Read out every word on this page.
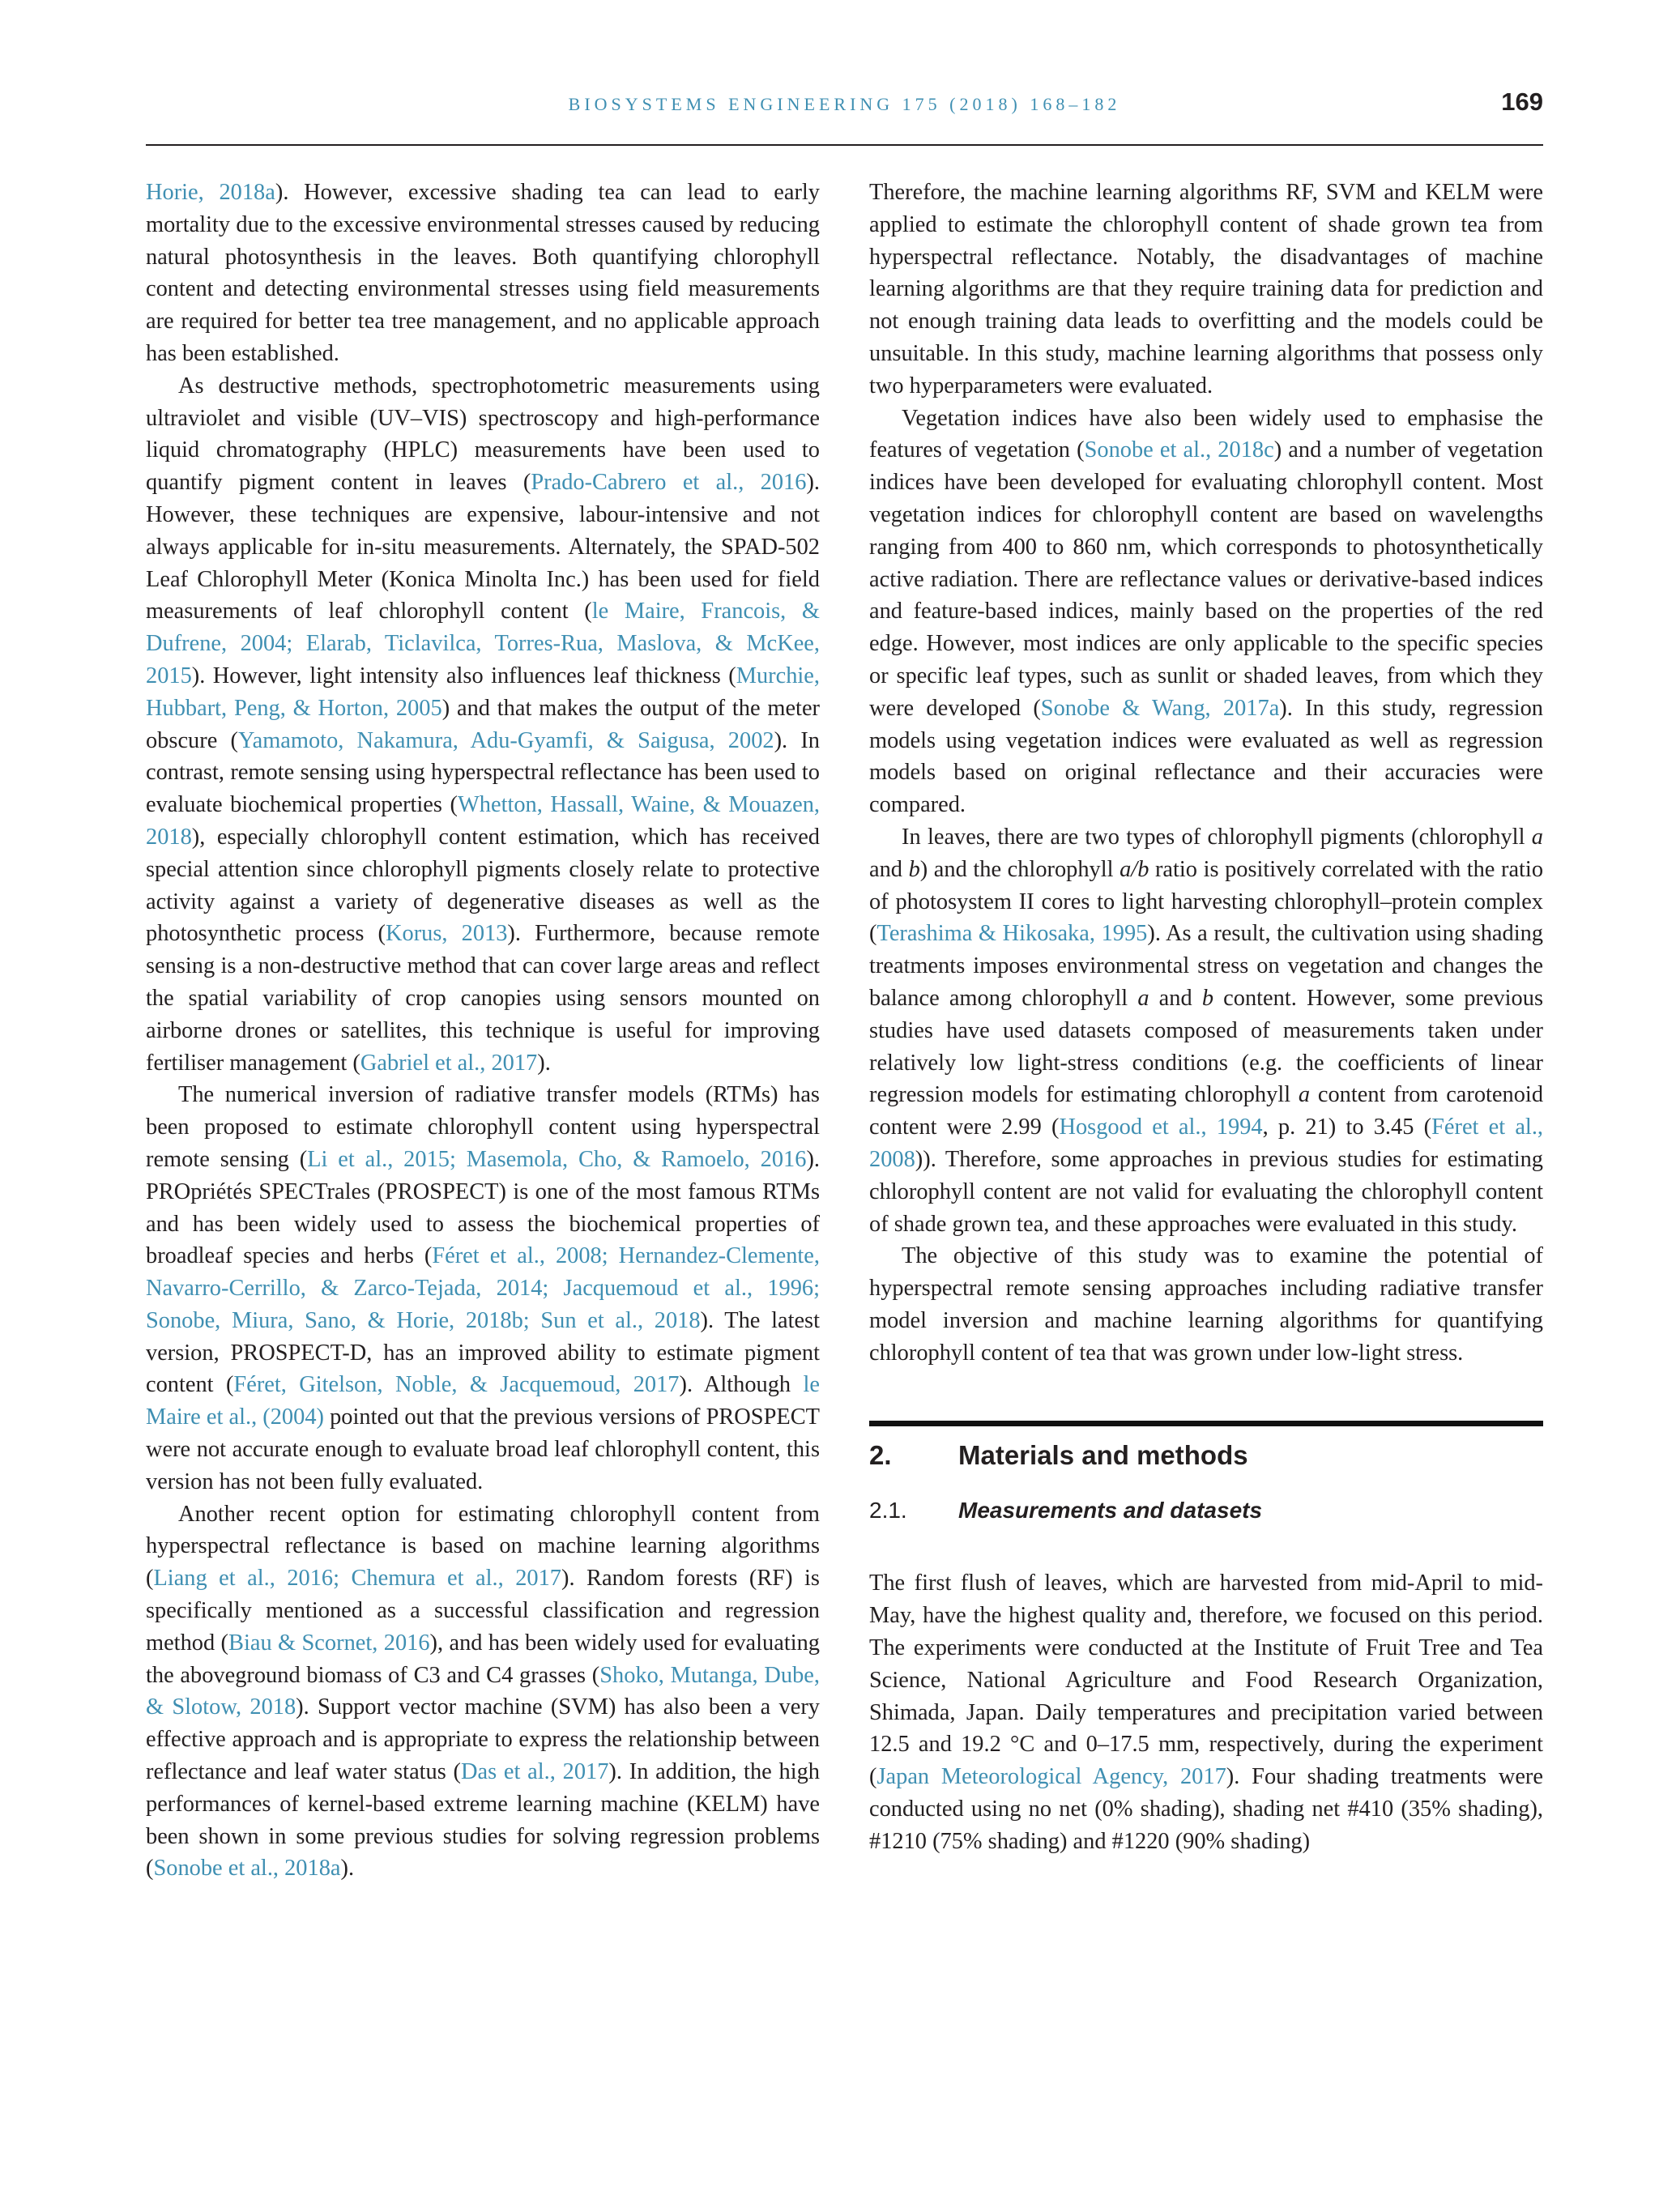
BIOSYSTEMS ENGINEERING 175 (2018) 168–182	169

Horie, 2018a). However, excessive shading tea can lead to early mortality due to the excessive environmental stresses caused by reducing natural photosynthesis in the leaves. Both quantifying chlorophyll content and detecting environmental stresses using field measurements are required for better tea tree management, and no applicable approach has been established.

As destructive methods, spectrophotometric measurements using ultraviolet and visible (UV–VIS) spectroscopy and high-performance liquid chromatography (HPLC) measurements have been used to quantify pigment content in leaves (Prado-Cabrero et al., 2016). However, these techniques are expensive, labour-intensive and not always applicable for in-situ measurements. Alternately, the SPAD-502 Leaf Chlorophyll Meter (Konica Minolta Inc.) has been used for field measurements of leaf chlorophyll content (le Maire, Francois, & Dufrene, 2004; Elarab, Ticlavilca, Torres-Rua, Maslova, & McKee, 2015). However, light intensity also influences leaf thickness (Murchie, Hubbart, Peng, & Horton, 2005) and that makes the output of the meter obscure (Yamamoto, Nakamura, Adu-Gyamfi, & Saigusa, 2002). In contrast, remote sensing using hyperspectral reflectance has been used to evaluate biochemical properties (Whetton, Hassall, Waine, & Mouazen, 2018), especially chlorophyll content estimation, which has received special attention since chlorophyll pigments closely relate to protective activity against a variety of degenerative diseases as well as the photosynthetic process (Korus, 2013). Furthermore, because remote sensing is a non-destructive method that can cover large areas and reflect the spatial variability of crop canopies using sensors mounted on airborne drones or satellites, this technique is useful for improving fertiliser management (Gabriel et al., 2017).

The numerical inversion of radiative transfer models (RTMs) has been proposed to estimate chlorophyll content using hyperspectral remote sensing (Li et al., 2015; Masemola, Cho, & Ramoelo, 2016). PROpriétés SPECTrales (PROSPECT) is one of the most famous RTMs and has been widely used to assess the biochemical properties of broadleaf species and herbs (Féret et al., 2008; Hernandez-Clemente, Navarro-Cerrillo, & Zarco-Tejada, 2014; Jacquemoud et al., 1996; Sonobe, Miura, Sano, & Horie, 2018b; Sun et al., 2018). The latest version, PROSPECT-D, has an improved ability to estimate pigment content (Féret, Gitelson, Noble, & Jacquemoud, 2017). Although le Maire et al., (2004) pointed out that the previous versions of PROSPECT were not accurate enough to evaluate broad leaf chlorophyll content, this version has not been fully evaluated.

Another recent option for estimating chlorophyll content from hyperspectral reflectance is based on machine learning algorithms (Liang et al., 2016; Chemura et al., 2017). Random forests (RF) is specifically mentioned as a successful classification and regression method (Biau & Scornet, 2016), and has been widely used for evaluating the aboveground biomass of C3 and C4 grasses (Shoko, Mutanga, Dube, & Slotow, 2018). Support vector machine (SVM) has also been a very effective approach and is appropriate to express the relationship between reflectance and leaf water status (Das et al., 2017). In addition, the high performances of kernel-based extreme learning machine (KELM) have been shown in some previous studies for solving regression problems (Sonobe et al., 2018a).

Therefore, the machine learning algorithms RF, SVM and KELM were applied to estimate the chlorophyll content of shade grown tea from hyperspectral reflectance. Notably, the disadvantages of machine learning algorithms are that they require training data for prediction and not enough training data leads to overfitting and the models could be unsuitable. In this study, machine learning algorithms that possess only two hyperparameters were evaluated.

Vegetation indices have also been widely used to emphasise the features of vegetation (Sonobe et al., 2018c) and a number of vegetation indices have been developed for evaluating chlorophyll content. Most vegetation indices for chlorophyll content are based on wavelengths ranging from 400 to 860 nm, which corresponds to photosynthetically active radiation. There are reflectance values or derivative-based indices and feature-based indices, mainly based on the properties of the red edge. However, most indices are only applicable to the specific species or specific leaf types, such as sunlit or shaded leaves, from which they were developed (Sonobe & Wang, 2017a). In this study, regression models using vegetation indices were evaluated as well as regression models based on original reflectance and their accuracies were compared.

In leaves, there are two types of chlorophyll pigments (chlorophyll a and b) and the chlorophyll a/b ratio is positively correlated with the ratio of photosystem II cores to light harvesting chlorophyll–protein complex (Terashima & Hikosaka, 1995). As a result, the cultivation using shading treatments imposes environmental stress on vegetation and changes the balance among chlorophyll a and b content. However, some previous studies have used datasets composed of measurements taken under relatively low light-stress conditions (e.g. the coefficients of linear regression models for estimating chlorophyll a content from carotenoid content were 2.99 (Hosgood et al., 1994, p. 21) to 3.45 (Féret et al., 2008)). Therefore, some approaches in previous studies for estimating chlorophyll content are not valid for evaluating the chlorophyll content of shade grown tea, and these approaches were evaluated in this study.

The objective of this study was to examine the potential of hyperspectral remote sensing approaches including radiative transfer model inversion and machine learning algorithms for quantifying chlorophyll content of tea that was grown under low-light stress.

2. Materials and methods
2.1. Measurements and datasets

The first flush of leaves, which are harvested from mid-April to mid-May, have the highest quality and, therefore, we focused on this period. The experiments were conducted at the Institute of Fruit Tree and Tea Science, National Agriculture and Food Research Organization, Shimada, Japan. Daily temperatures and precipitation varied between 12.5 and 19.2 °C and 0–17.5 mm, respectively, during the experiment (Japan Meteorological Agency, 2017). Four shading treatments were conducted using no net (0% shading), shading net #410 (35% shading), #1210 (75% shading) and #1220 (90% shading)
